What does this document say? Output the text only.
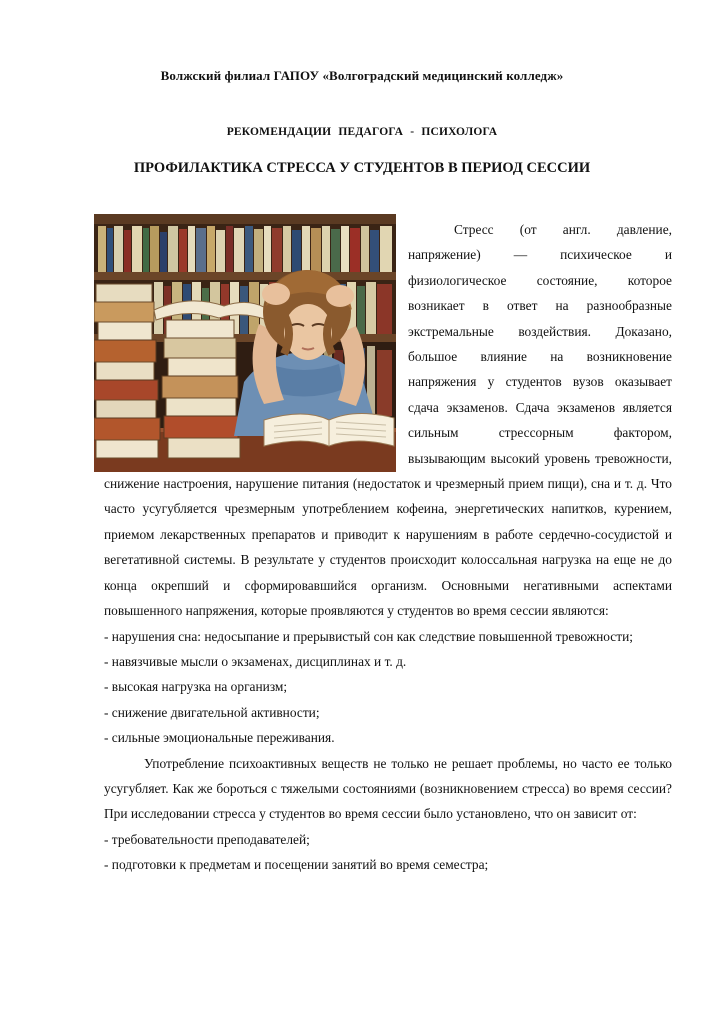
Волжский филиал ГАПОУ «Волгоградский медицинский колледж»
РЕКОМЕНДАЦИИ ПЕДАГОГА - ПСИХОЛОГА
ПРОФИЛАКТИКА СТРЕССА У СТУДЕНТОВ В ПЕРИОД СЕССИИ

Стресс (от англ. давление, напряжение) — психическое и физиологическое состояние, которое возникает в ответ на разнообразные экстремальные воздействия. Доказано, большое влияние на возникновение напряжения у студентов вузов оказывает сдача экзаменов. Сдача экзаменов является сильным стрессорным фактором, вызывающим высокий уровень тревожности, снижение настроения, нарушение питания (недостаток и чрезмерный прием пищи), сна и т. д. Что часто усугубляется чрезмерным употреблением кофеина, энергетических напитков, курением, приемом лекарственных препаратов и приводит к нарушениям в работе сердечно-сосудистой и вегетативной системы. В результате у студентов происходит колоссальная нагрузка на еще не до конца окрепший и сформировавшийся организм. Основными негативными аспектами повышенного напряжения, которые проявляются у студентов во время сессии являются:

- нарушения сна: недосыпание и прерывистый сон как следствие повышенной тревожности;

- навязчивые мысли о экзаменах, дисциплинах и т. д.

- высокая нагрузка на организм;

- снижение двигательной активности;

- сильные эмоциональные переживания.

Употребление психоактивных веществ не только не решает проблемы, но часто ее только усугубляет. Как же бороться с тяжелыми состояниями (возникновением стресса) во время сессии? При исследовании стресса у студентов во время сессии было установлено, что он зависит от:

- требовательности преподавателей;

- подготовки к предметам и посещении занятий во время семестра;
